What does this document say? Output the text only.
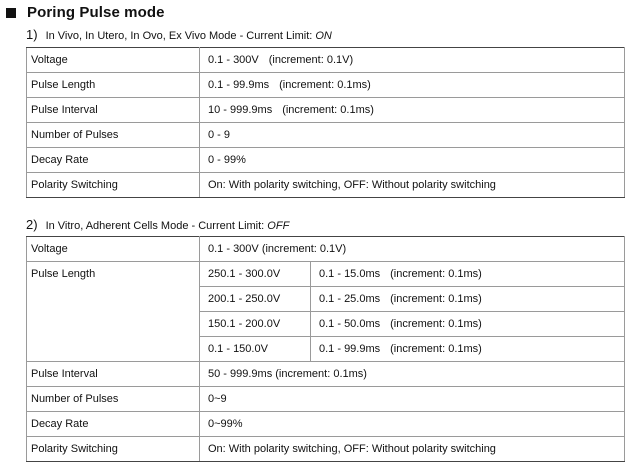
Poring Pulse mode
1) In Vivo, In Utero, In Ovo, Ex Vivo Mode - Current Limit: ON
Voltage	0.1 - 300V (increment: 0.1V)
Pulse Length	0.1 - 99.9ms (increment: 0.1ms)
Pulse Interval	10 - 999.9ms (increment: 0.1ms)
Number of Pulses	0 - 9
Decay Rate	0 - 99%
Polarity Switching	On: With polarity switching, OFF: Without polarity switching
2) In Vitro, Adherent Cells Mode - Current Limit: OFF
Voltage	0.1 - 300V (increment: 0.1V)	
Pulse Length	250.1 - 300.0V	0.1 - 15.0ms (increment: 0.1ms)
	200.1 - 250.0V	0.1 - 25.0ms (increment: 0.1ms)
	150.1 - 200.0V	0.1 - 50.0ms (increment: 0.1ms)
	0.1 - 150.0V	0.1 - 99.9ms (increment: 0.1ms)
Pulse Interval	50 - 999.9ms (increment: 0.1ms)	
Number of Pulses	0~9	
Decay Rate	0~99%	
Polarity Switching	On: With polarity switching, OFF: Without polarity switching	
